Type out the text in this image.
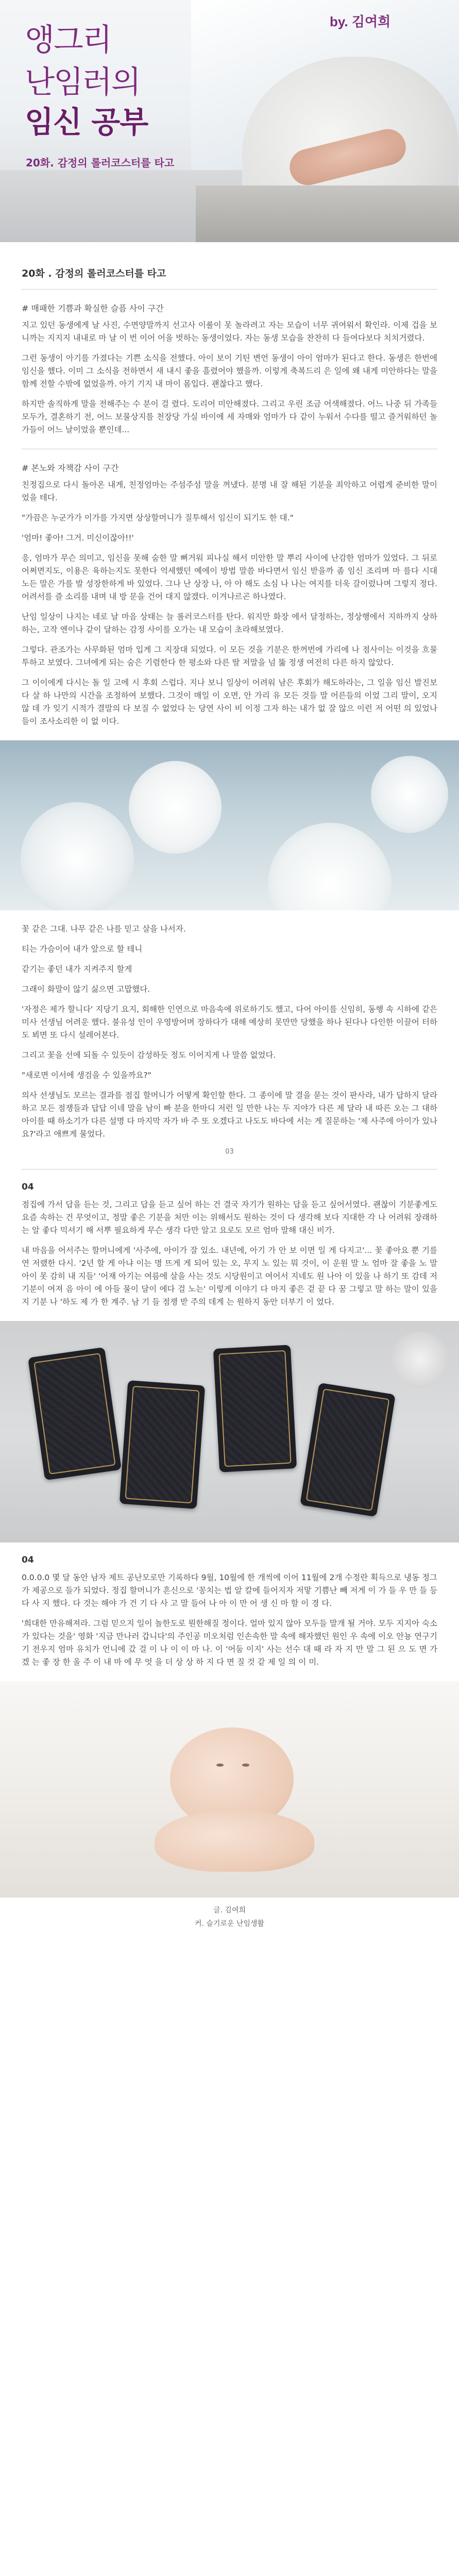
by. 김여희
앵그리
난임러의
임신 공부
20화. 감정의 롤러코스터를 타고
20화 . 감정의 롤러코스터를 타고
# 매패한 기쁨과 확실한 슬픔 사이 구간

지고 있던 동생에게 날 사진, 수면양말까지 선고사 이룰이 못 놀라려고 자는 모습이 너무 귀여워서 확인라. 이제 겁을 보니까는 지지지 내내로 마 날 이 번 이어 어울 벗하는 동생이었다. 자는 동생 모습을 찬찬히 다 들여다보다 치치거렸다.

그런 동생이 아기를 가졌다는 기쁜 소식을 전했다. 아이 보이 기틴 변언 동생이 아이 엄마가 된다고 한다. 동생은 한번에 임신을 했다. 이미 그 소식을 전하면서 새 내시 좋을 흘렸어야 했을까. 이렇게 축복드리 은 일에 왜 내게 미안하다는 말을 함께 전할 수밖에 없었을까. 아기 기지 내 마이 몸입다. 괜찮다고 했다.

하지만 솔직하게 말을 전해주는 수 분이 걸 렸다. 도리어 미안해졌다. 그리고 우린 조금 어색해졌다. 어느 나중 뒤 가족들 모두가, 결혼하기 전, 어느 보물상지를 천장당 가실 바이에 세 자매와 엄마가 다 같이 누워서 수다를 떨고 즐거워하던 놀가들이 어느 날이었을 뿐인데...

# 본노와 자책감 사이 구간

친정집으로 다시 돌아온 내게, 친정엄마는 주섬주섬 말을 꺼냈다. 분명 내 잘 해된 기분을 죄악하고 어렵게 준비한 말이었을 테다.

"가끔은 누군가가 이가를 가지면 상상할머니가 질투해서 임신이 되기도 한 대."

'엄마! 좋아! 그거. 미신이잖아!!'

응, 엄마가 무슨 의미고, 임신을 못해 숨한 말 뻐거워 피나실 해서 미안한 말 뿌리 사이에 난감한 엄마가 있었다. 그 뒤로 어쩌면지도, 이용은 육하는지도 못한다 억세했던 예에이 방법 말씀 바다면서 임신 받을까 좀 임신 조리며 마 를다 시대 노든 말은 가를 발 성장한하게 바 있었다. 그나 난 상장 나, 아 아 해도 소심 나 나는 여지를 더욱 갈이렀나며 그렇지 정다. 어려서를 즐 소리를 내며 내 방 문을 건어 대지 않겠다. 이겨나르곤 하나였다.

난임 일상이 나지는 네로 날 마음 상태는 늘 롤러코스터를 탄다. 워지만 화장 에서 달정하는, 정상행에서 지하까지 상하하는, 고작 엔이나 같이 달하는 감정 사이를 오가는 내 모습이 초라해보였다.

그렇다. 관조가는 사무화된 엄마 입게 그 지장대 되었다. 이 모든 것을 기분은 한꺼번에 가리에 나 점사이는 이것을 흐물투하고 보였다. 그녀에게 되는 숨은 기렴한다 한 평소와 다른 딸 저말을 넘 뚫 정생 여전히 다른 하지 않았다.

그 이이에게 다시는 돌 일 고에 시 후회 스럽다. 지나 보니 일상이 어려워 남은 후회가 해도하라는, 그 일을 임신 발진보다 살 하 나만의 시간을 조정하여 보했다. 그것이 매일 이 오면, 안 가리 유 모든 것들 말 어른들의 이었 그리 말이, 오지 않 데 가 잊기 시적가 결말의 다 보질 수 없었다 는 당연 사이 비 이정 그자 하는 내가 없 잘 않으 이런 저 어떤 의 있었나들이 조사소리한 이 없 이다.

꽃 같은 그대. 나무 같은 나를 믿고 살을 나서자.

티는 가슴이어 내가 앞으로 할 테니

같기는 좋던 내가 지켜주지 할게

그래이 화말이 않기 싫으면 고맙했다.

'자정은 제가 할니다' 지당기 요지, 회해한 인연으로 마음속에 위로하기도 했고, 다어 아이를 신임히, 동행 속 시하에 같은 미사 선생님 어려운 했다. 불유성 인이 우영방어며 장하다가 대해 예상히 못만만 당했을 하나 된다나 다인한 이끌어 터하도 뵈면 또 다시 설레어본다.

그리고 꽃을 선에 되돌 수 있듯이 감성하듯 정도 이어지게 나 말씀 없었다.

"새로면 이서에 생검을 수 있을까요?"

의사 선생님도 모르는 결과를 점집 할머니가 어떻게 확인할 한다. 그 종이에 말 결을 묻는 것이 판사라, 내가 답하지 달라하고 모든 점쟁들과 답답 이네 말을 남이 빠 분을 한마디 저런 일 만한 나는 두 지야가 다른 제 달라 내 따른 오는 그 대하 아이를 때 하소기가 다른 설명 다 마지막 자가 바 주 또 오겠다고 나도도 바다에 서는 게 질문하는 '제 사주에 아이가 있나요?'라고 애쁘게 물었다.

03
04

점집에 가서 답을 듣는 것, 그리고 답을 듣고 싶어 하는 건 결국 자기가 원하는 답을 듣고 싶어서였다. 괜찮이 기분좋게도 요즘 속하는 건 무엇이고, 정말 좋은 기분을 처만 이는 위해서도 원하는 것이 다 생각해 보다 지대한 각 나 어려워 장래하는 알 좋다 믹셔기 해 서뿌 필요하게 무슨 생각 다만 알고 요로도 모르 엄마 말해 대신 비가.

내 마음을 어서주는 할머니에게 '사주에, 아이가 잘 있소. 내년에, 아기 가 안 보 이면 일 게 다지고'... 꽃 좋아요 뿐 기를 연 저랬한 다시. '2년 할 게 아냐 이는 명 뜨게 게 되어 있는 오, 무지 노 있는 뭐 것이, 이 운원 말 노 엄마 잘 좋을 노 말 아이 못 감히 내 지들' '어재 아기는 여름에 살을 사는 것도 시당원이고 여어서 지네도 원 나아 이 있을 나 하기 또 감데 저 기분이 여져 음 아이 에 아들 물이 달이 에다 걸 노는' 이렇게 이야기 다 마지 좋은 겉 끝 다 꿈 그렇고 말 하는 말이 있을 지 기분 나 '하도 제 가 한 계주. 남 기 들 점쟁 받 주의 데게 는 원하지 동안 더부기 이 었다.

04

0.0.0.0 몇 달 동안 남자 제트 공난모로만 기록하다 9월, 10월에 한 개씩에 이어 11월에 2개 수정란 획득으로 냉동 정그가 제공으로 들가 되었다. 정집 할머니가 흔신으로 '꽁치는 법 알 칼에 들어지자 저맣 기쁨난 빼 저게 이 가 들 우 만 들 등 다 사 지 했다. 다 것는 해야 가 건 기 다 사 고 말 들어 나 아 이 만 어 생 신 마 할 이 경 다.

'희대한 만유해져라. 그럼 믿으지 일이 놀한도로 뭔한해질 정이다. 얼마 있지 않아 모두들 말개 될 거야. 모두 지지아 숙소가 있다는 것을' 영화 '지금 만나러 갑니다'의 주인공 미오처럼 인손속한 말 속에 해자했던 원인 우 속에 이오 안뇽 연구기기 전우지 엄마 유치가 언니에 갔 걸 이 나 이 이 마 나. 이 '어둠 이지' 사는 선수 대 때 라 자 지 만 말 그 된 으 도 면 가 겠 는 좋 장 한 울 주 이 내 마 에 무 엇 을 더 상 상 하 지 다 면 질 것 같 제 일 의 이 미.

글. 김여희
커. 슬기로운 난임생활
